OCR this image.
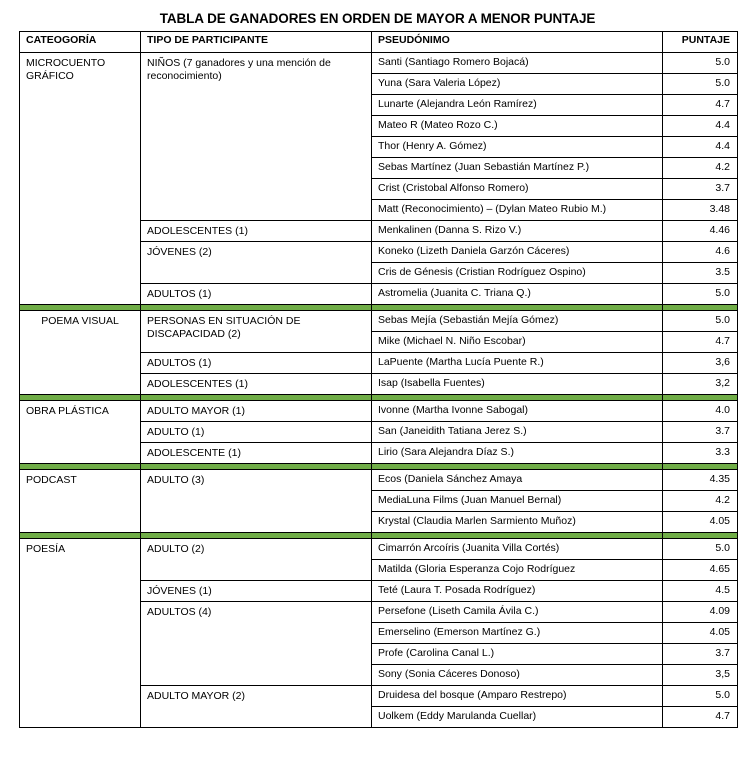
TABLA DE GANADORES EN ORDEN DE MAYOR A MENOR PUNTAJE
CATEOGORÍA	TIPO DE PARTICIPANTE	PSEUDÓNIMO	PUNTAJE
MICROCUENTO GRÁFICO	NIÑOS (7 ganadores y una mención de reconocimiento)	Santi (Santiago Romero Bojacá)	5.0
		Yuna (Sara Valeria López)	5.0
		Lunarte (Alejandra León Ramírez)	4.7
		Mateo R (Mateo Rozo C.)	4.4
		Thor (Henry A. Gómez)	4.4
		Sebas Martínez (Juan Sebastián Martínez P.)	4.2
		Crist (Cristobal Alfonso Romero)	3.7
		Matt (Reconocimiento) – (Dylan Mateo Rubio M.)	3.48
	ADOLESCENTES (1)	Menkalinen (Danna S. Rizo V.)	4.46
	JÓVENES (2)	Koneko (Lizeth Daniela Garzón Cáceres)	4.6
		Cris de Génesis (Cristian Rodríguez Ospino)	3.5
	ADULTOS (1)	Astromelia (Juanita C. Triana Q.)	5.0

POEMA VISUAL	PERSONAS EN SITUACIÓN DE DISCAPACIDAD (2)	Sebas Mejía (Sebastián Mejía Gómez)	5.0
		Mike (Michael N. Niño Escobar)	4.7
	ADULTOS (1)	LaPuente (Martha Lucía Puente R.)	3,6
	ADOLESCENTES (1)	Isap (Isabella Fuentes)	3,2

OBRA PLÁSTICA	ADULTO MAYOR (1)	Ivonne (Martha Ivonne Sabogal)	4.0
	ADULTO (1)	San (Janeidith Tatiana Jerez S.)	3.7
	ADOLESCENTE (1)	Lirio (Sara Alejandra Díaz S.)	3.3

PODCAST	ADULTO (3)	Ecos (Daniela Sánchez Amaya	4.35
		MediaLuna Films (Juan Manuel Bernal)	4.2
		Krystal (Claudia Marlen Sarmiento Muñoz)	4.05

POESÍA	ADULTO (2)	Cimarrón Arcoíris (Juanita Villa Cortés)	5.0
		Matilda (Gloria Esperanza Cojo Rodríguez	4.65
	JÓVENES (1)	Teté (Laura T. Posada Rodríguez)	4.5
	ADULTOS (4)	Persefone (Liseth Camila Ávila C.)	4.09
		Emerselino (Emerson Martínez G.)	4.05
		Profe (Carolina Canal L.)	3.7
		Sony (Sonia Cáceres Donoso)	3,5
	ADULTO MAYOR (2)	Druidesa del bosque (Amparo Restrepo)	5.0
		Uolkem (Eddy Marulanda Cuellar)	4.7
